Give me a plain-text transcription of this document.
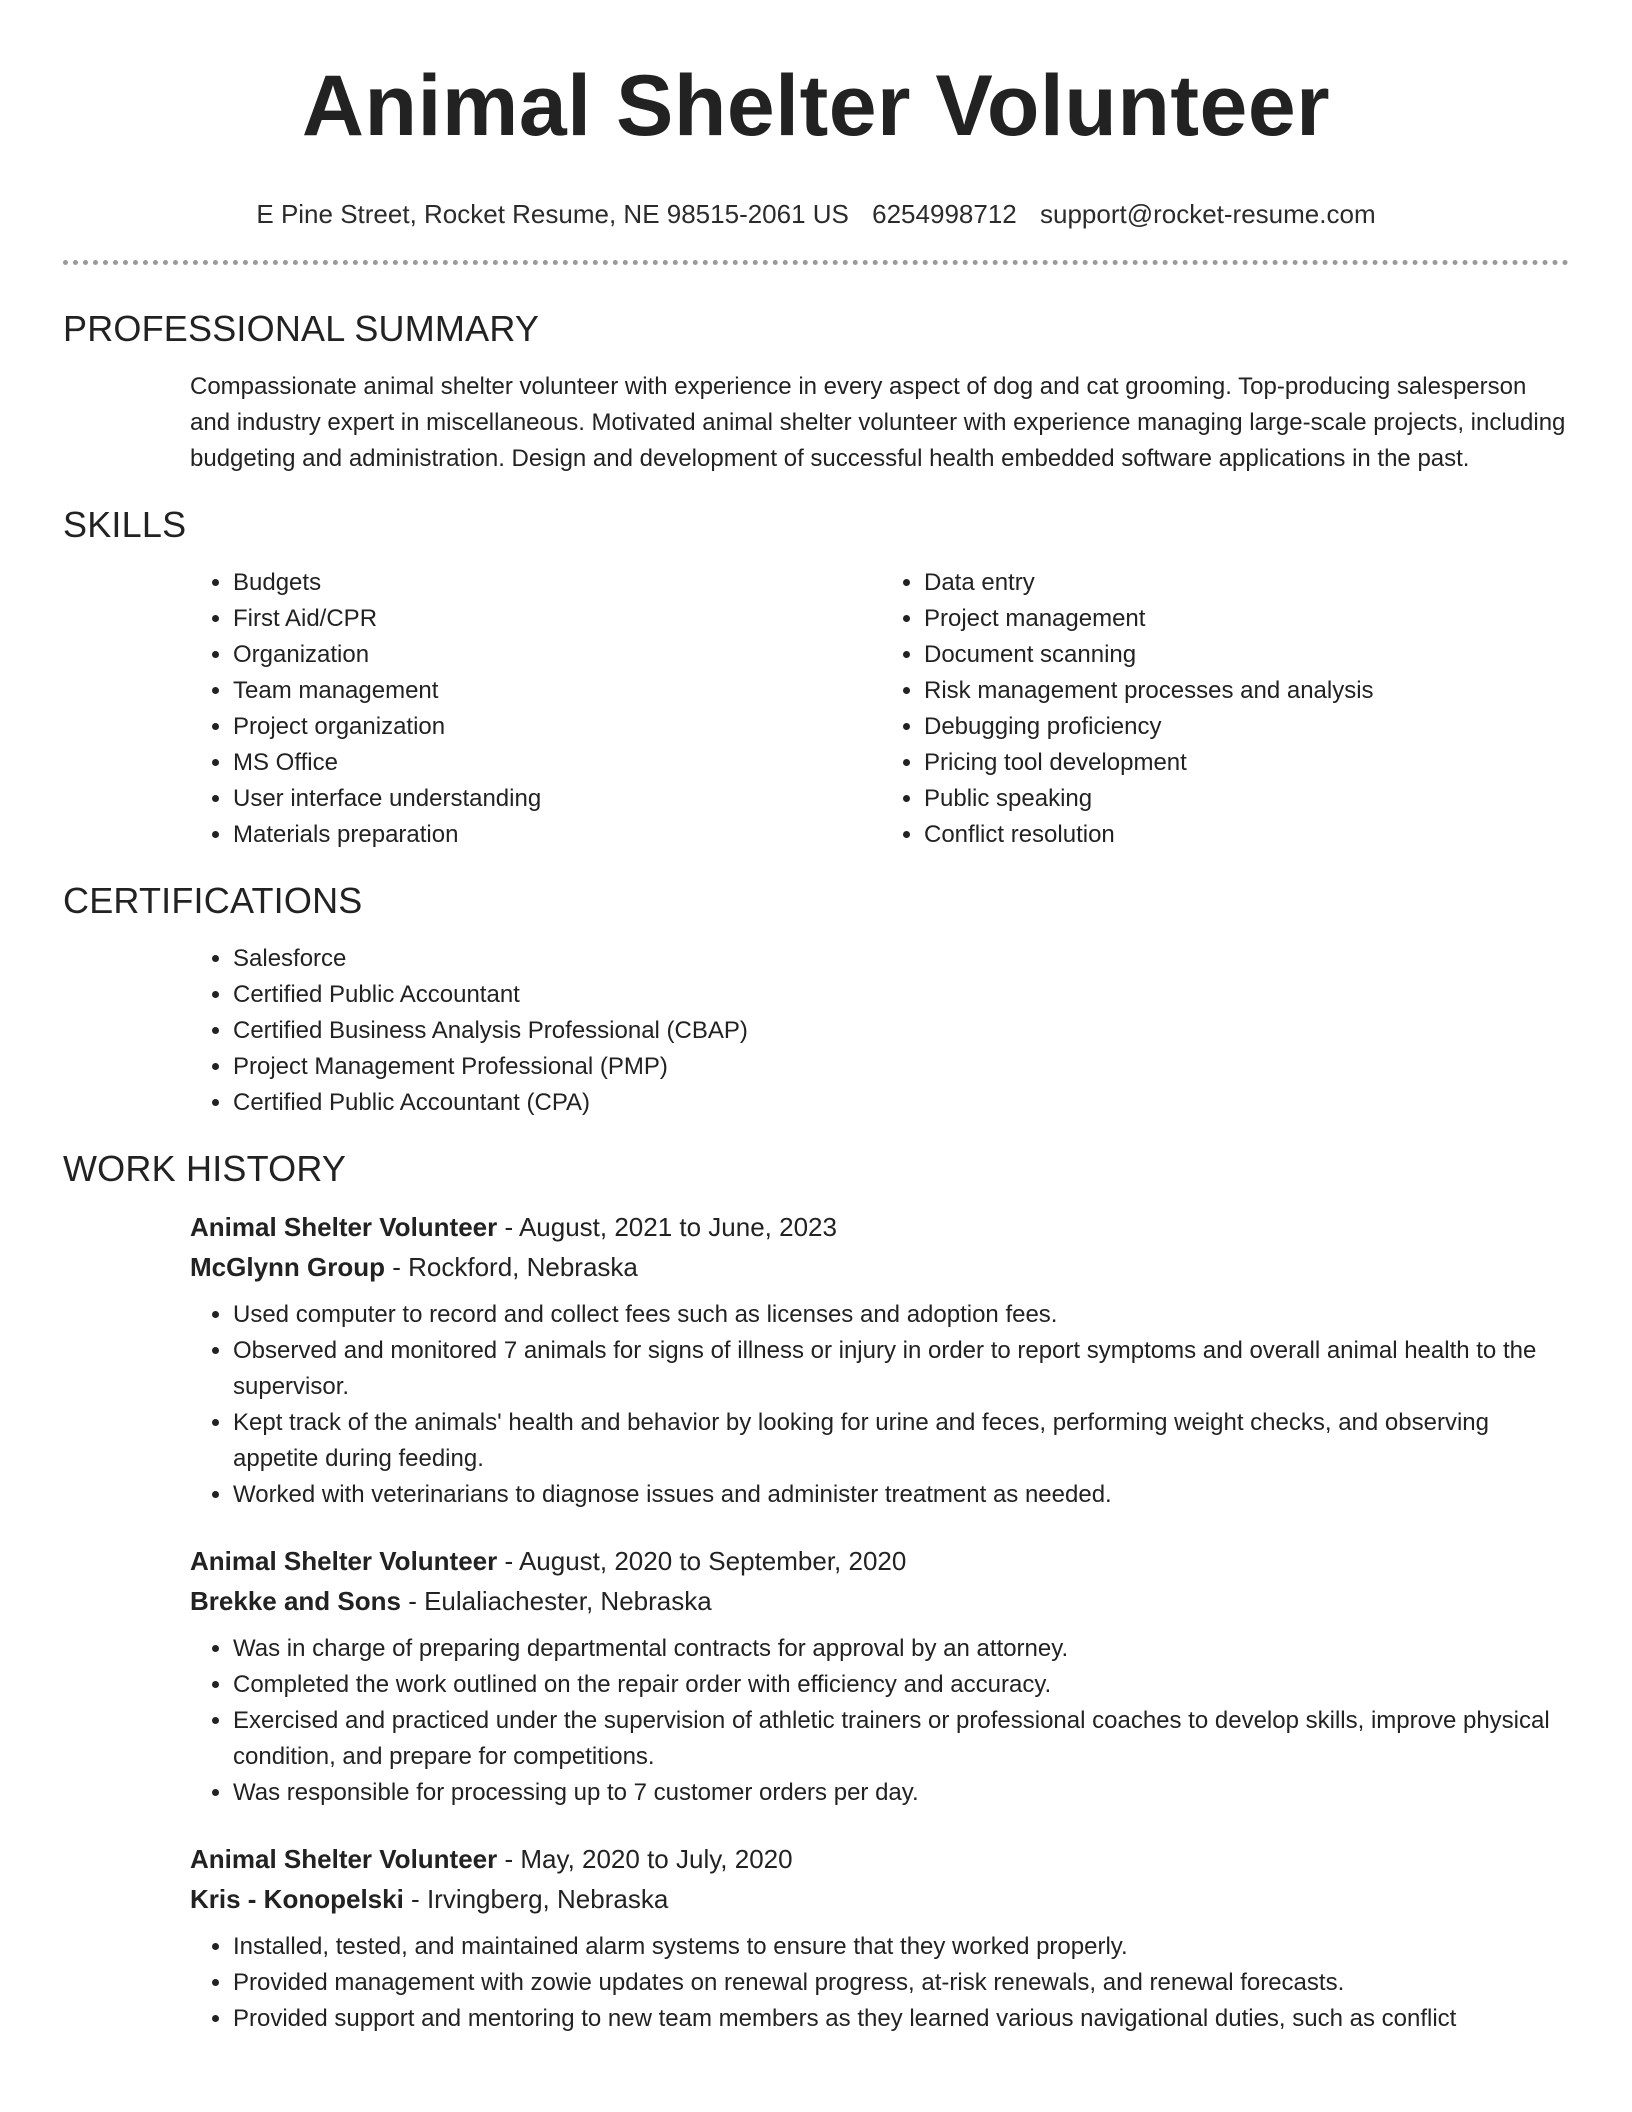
Animal Shelter Volunteer
E Pine Street, Rocket Resume, NE 98515-2061 US 6254998712 support@rocket-resume.com
PROFESSIONAL SUMMARY

Compassionate animal shelter volunteer with experience in every aspect of dog and cat grooming. Top-producing salesperson and industry expert in miscellaneous. Motivated animal shelter volunteer with experience managing large-scale projects, including budgeting and administration. Design and development of successful health embedded software applications in the past.

SKILLS
• Budgets
• First Aid/CPR
• Organization
• Team management
• Project organization
• MS Office
• User interface understanding
• Materials preparation
• Data entry
• Project management
• Document scanning
• Risk management processes and analysis
• Debugging proficiency
• Pricing tool development
• Public speaking
• Conflict resolution
CERTIFICATIONS
• Salesforce
• Certified Public Accountant
• Certified Business Analysis Professional (CBAP)
• Project Management Professional (PMP)
• Certified Public Accountant (CPA)
WORK HISTORY
Animal Shelter Volunteer - August, 2021 to June, 2023
McGlynn Group - Rockford, Nebraska
• Used computer to record and collect fees such as licenses and adoption fees.
• Observed and monitored 7 animals for signs of illness or injury in order to report symptoms and overall animal health to the supervisor.
• Kept track of the animals' health and behavior by looking for urine and feces, performing weight checks, and observing appetite during feeding.
• Worked with veterinarians to diagnose issues and administer treatment as needed.
Animal Shelter Volunteer - August, 2020 to September, 2020
Brekke and Sons - Eulaliachester, Nebraska
• Was in charge of preparing departmental contracts for approval by an attorney.
• Completed the work outlined on the repair order with efficiency and accuracy.
• Exercised and practiced under the supervision of athletic trainers or professional coaches to develop skills, improve physical condition, and prepare for competitions.
• Was responsible for processing up to 7 customer orders per day.
Animal Shelter Volunteer - May, 2020 to July, 2020
Kris - Konopelski - Irvingberg, Nebraska
• Installed, tested, and maintained alarm systems to ensure that they worked properly.
• Provided management with zowie updates on renewal progress, at-risk renewals, and renewal forecasts.
• Provided support and mentoring to new team members as they learned various navigational duties, such as conflict
